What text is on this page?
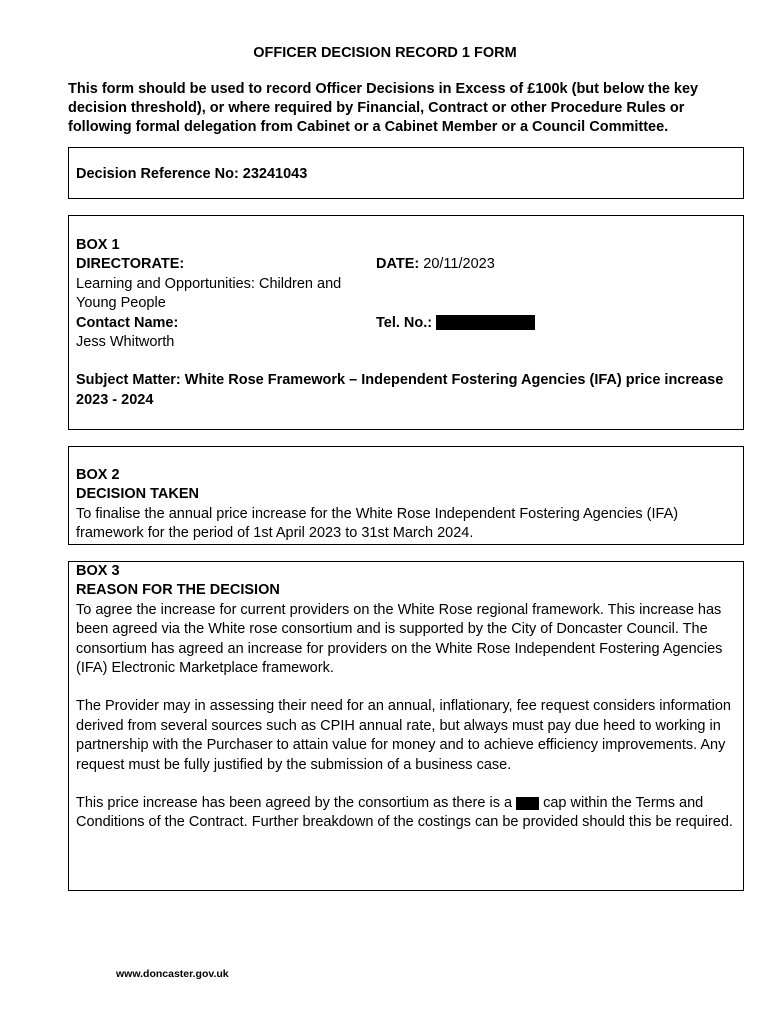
OFFICER DECISION RECORD 1 FORM
This form should be used to record Officer Decisions in Excess of £100k (but below the key decision threshold), or where required by Financial, Contract or other Procedure Rules or following formal delegation from Cabinet or a Cabinet Member or a Council Committee.
Decision Reference No: 23241043
BOX 1
DIRECTORATE:
Learning and Opportunities: Children and Young People
DATE: 20/11/2023
Contact Name:
Jess Whitworth
Tel. No.:
Subject Matter: White Rose Framework – Independent Fostering Agencies (IFA) price increase 2023 - 2024
BOX 2
DECISION TAKEN
To finalise the annual price increase for the White Rose Independent Fostering Agencies (IFA) framework for the period of 1st April 2023 to 31st March 2024.
BOX 3
REASON FOR THE DECISION
To agree the increase for current providers on the White Rose regional framework. This increase has been agreed via the White rose consortium and is supported by the City of Doncaster Council. The consortium has agreed an increase for providers on the White Rose Independent Fostering Agencies (IFA) Electronic Marketplace framework.
The Provider may in assessing their need for an annual, inflationary, fee request considers information derived from several sources such as CPIH annual rate, but always must pay due heed to working in partnership with the Purchaser to attain value for money and to achieve efficiency improvements. Any request must be fully justified by the submission of a business case.
This price increase has been agreed by the consortium as there is a cap within the Terms and Conditions of the Contract. Further breakdown of the costings can be provided should this be required.
www.doncaster.gov.uk
